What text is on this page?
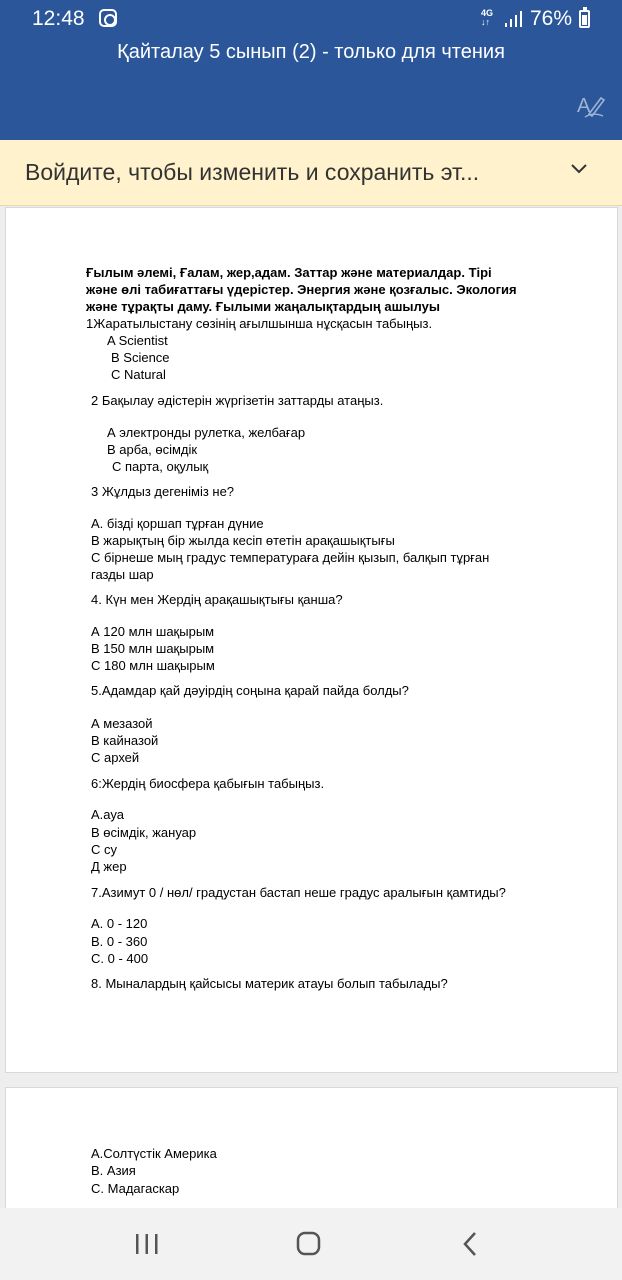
12:48	4G
↓↑ 76%
Қайталау 5 сынып (2) - только для чтения
A
Войдите, чтобы изменить и сохранить эт...
Ғылым әлемі, Ғалам, жер,адам. Заттар және материалдар. Тірі
және өлі табиғаттағы үдерістер. Энергия және қозғалыс. Экология
және тұрақты даму. Ғылыми жаңалықтардың ашылуы
1Жаратылыстану сөзінің ағылшынша нұсқасын табыңыз.
A Scientist
B Science
C Natural
2 Бақылау әдістерін жүргізетін заттарды атаңыз.
А электронды рулетка, желбағар
В арба, өсімдік
С парта, оқулық
3 Жұлдыз дегеніміз не?
А. бізді қоршап тұрған дүние
В жарықтың бір жылда кесіп өтетін арақашықтығы
С бірнеше мың градус температураға дейін қызып, балқып тұрған
газды шар
4. Күн мен Жердің арақашықтығы қанша?
А 120 млн шақырым
В 150 млн шақырым
С 180 млн шақырым
5.Адамдар қай дәуірдің соңына қарай пайда болды?
А мезазой
В кайназой
С архей
6:Жердің биосфера қабығын табыңыз.
А.ауа
В өсімдік, жануар
С су
Д жер
7.Азимут 0 / нөл/ градустан бастап неше градус аралығын қамтиды?
А. 0 - 120
В. 0 - 360
С. 0 - 400
8. Мыналардың қайсысы материк атауы болып табылады?
А.Солтүстік Америка
В. Азия
С. Мадагаскар
